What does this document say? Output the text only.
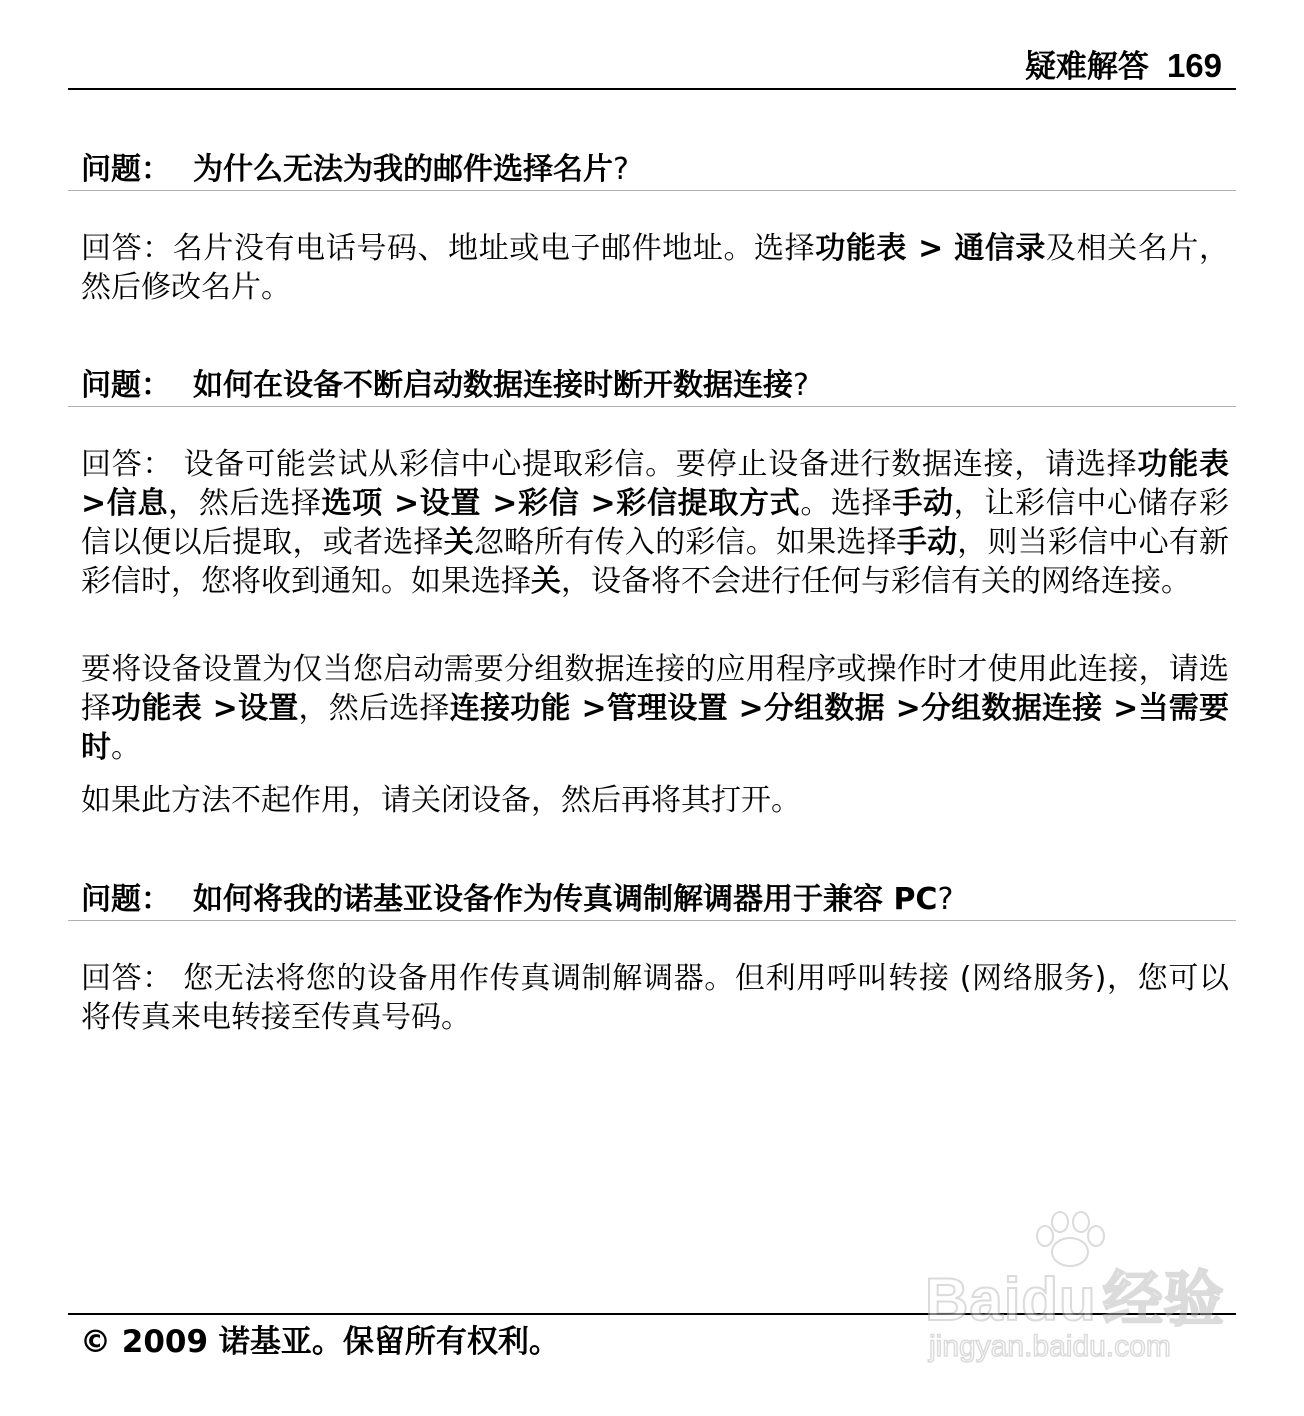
疑难解答 169
问题： 为什么无法为我的邮件选择名片?
回答：名片没有电话号码、地址或电子邮件地址。选择功能表 > 通信录及相关名片，然后修改名片。
问题： 如何在设备不断启动数据连接时断开数据连接?
回答： 设备可能尝试从彩信中心提取彩信。要停止设备进行数据连接，请选择功能表 >信息，然后选择选项 >设置 >彩信 >彩信提取方式。选择手动，让彩信中心储存彩信以便以后提取，或者选择关忽略所有传入的彩信。如果选择手动，则当彩信中心有新彩信时，您将收到通知。如果选择关，设备将不会进行任何与彩信有关的网络连接。
要将设备设置为仅当您启动需要分组数据连接的应用程序或操作时才使用此连接，请选择功能表 >设置，然后选择连接功能 >管理设置 >分组数据 >分组数据连接 >当需要时。
如果此方法不起作用，请关闭设备，然后再将其打开。
问题： 如何将我的诺基亚设备作为传真调制解调器用于兼容 PC?
回答： 您无法将您的设备用作传真调制解调器。但利用呼叫转接 (网络服务)，您可以将传真来电转接至传真号码。
© 2009 诺基亚。保留所有权利。
Baidu 经验
jingyan.baidu.com
